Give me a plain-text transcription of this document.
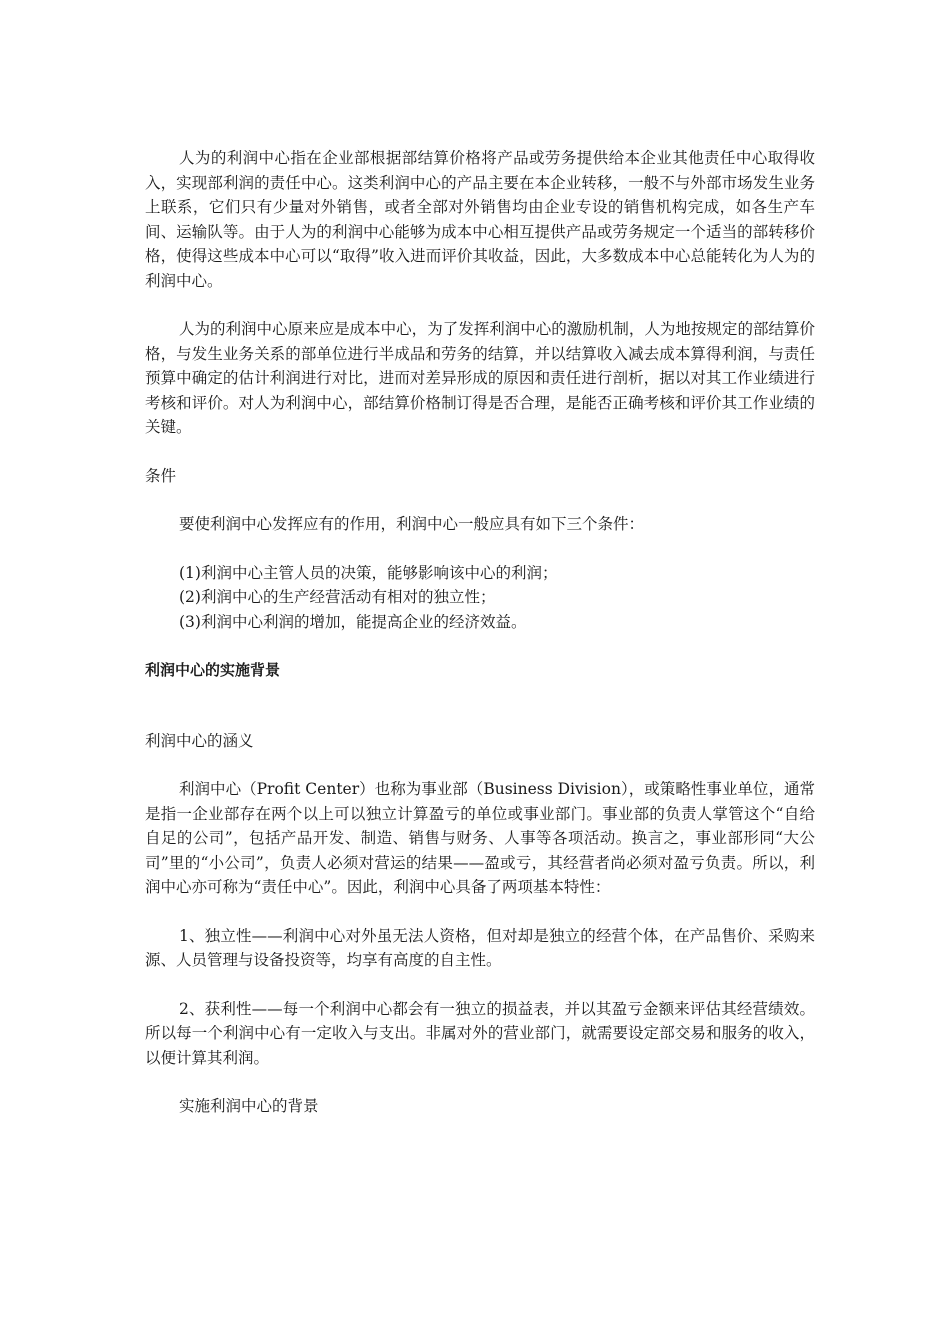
人为的利润中心指在企业部根据部结算价格将产品或劳务提供给本企业其他责任中心取得收入，实现部利润的责任中心。这类利润中心的产品主要在本企业转移，一般不与外部市场发生业务上联系，它们只有少量对外销售，或者全部对外销售均由企业专设的销售机构完成，如各生产车间、运输队等。由于人为的利润中心能够为成本中心相互提供产品或劳务规定一个适当的部转移价格，使得这些成本中心可以“取得”收入进而评价其收益，因此，大多数成本中心总能转化为人为的利润中心。

人为的利润中心原来应是成本中心，为了发挥利润中心的激励机制，人为地按规定的部结算价格，与发生业务关系的部单位进行半成品和劳务的结算，并以结算收入减去成本算得利润，与责任预算中确定的估计利润进行对比，进而对差异形成的原因和责任进行剖析，据以对其工作业绩进行考核和评价。对人为利润中心，部结算价格制订得是否合理，是能否正确考核和评价其工作业绩的关键。

条件

要使利润中心发挥应有的作用，利润中心一般应具有如下三个条件：

(1)利润中心主管人员的决策，能够影响该中心的利润；

(2)利润中心的生产经营活动有相对的独立性；

(3)利润中心利润的增加，能提高企业的经济效益。

利润中心的实施背景

利润中心的涵义

利润中心（Profit Center）也称为事业部（Business Division），或策略性事业单位，通常是指一企业部存在两个以上可以独立计算盈亏的单位或事业部门。事业部的负责人掌管这个“自给自足的公司”，包括产品开发、制造、销售与财务、人事等各项活动。换言之，事业部形同“大公司”里的“小公司”，负责人必须对营运的结果——盈或亏，其经营者尚必须对盈亏负责。所以，利润中心亦可称为“责任中心”。因此，利润中心具备了两项基本特性：

1、独立性——利润中心对外虽无法人资格，但对却是独立的经营个体，在产品售价、采购来源、人员管理与设备投资等，均享有高度的自主性。

2、获利性——每一个利润中心都会有一独立的损益表，并以其盈亏金额来评估其经营绩效。所以每一个利润中心有一定收入与支出。非属对外的营业部门，就需要设定部交易和服务的收入，以便计算其利润。

实施利润中心的背景
